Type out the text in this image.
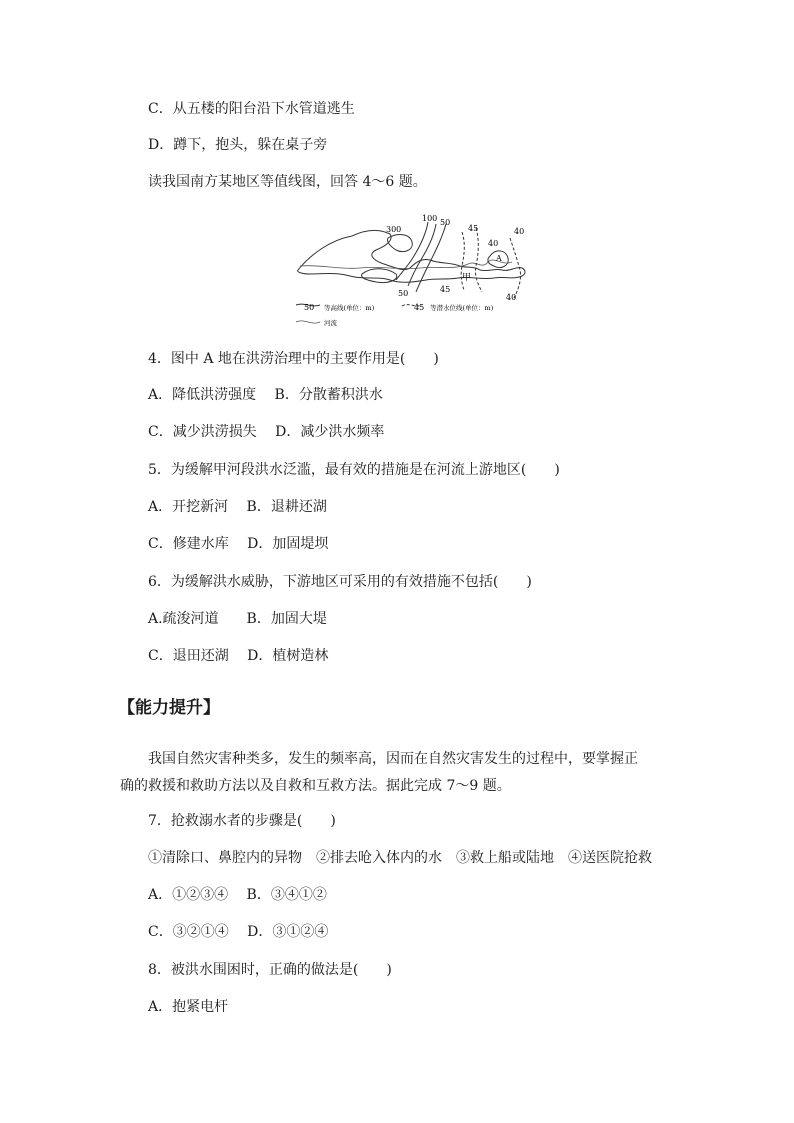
C．从五楼的阳台沿下水管道逃生
D．蹲下，抱头，躲在桌子旁
读我国南方某地区等值线图，回答 4～6 题。
300
100 50
45
40
40
A
甲
50	45
40
50 等高线(单位：m)	45 等潜水位线(单位：m)
河流
4．图中 A 地在洪涝治理中的主要作用是(　　)
A．降低洪涝强度　 B．分散蓄积洪水
C．减少洪涝损失　 D．减少洪水频率
5．为缓解甲河段洪水泛滥，最有效的措施是在河流上游地区(　　)
A．开挖新河　 B．退耕还湖
C．修建水库　 D．加固堤坝
6．为缓解洪水威胁，下游地区可采用的有效措施不包括(　　)
A.疏浚河道　　B．加固大堤
C．退田还湖　 D．植树造林
【能力提升】
我国自然灾害种类多，发生的频率高，因而在自然灾害发生的过程中，要掌握正确的救援和救助方法以及自救和互救方法。据此完成 7～9 题。
7．抢救溺水者的步骤是(　　)
①清除口、鼻腔内的异物　②排去呛入体内的水　③救上船或陆地　④送医院抢救
A．①②③④　 B．③④①②
C．③②①④　 D．③①②④
8．被洪水围困时，正确的做法是(　　)
A．抱紧电杆
